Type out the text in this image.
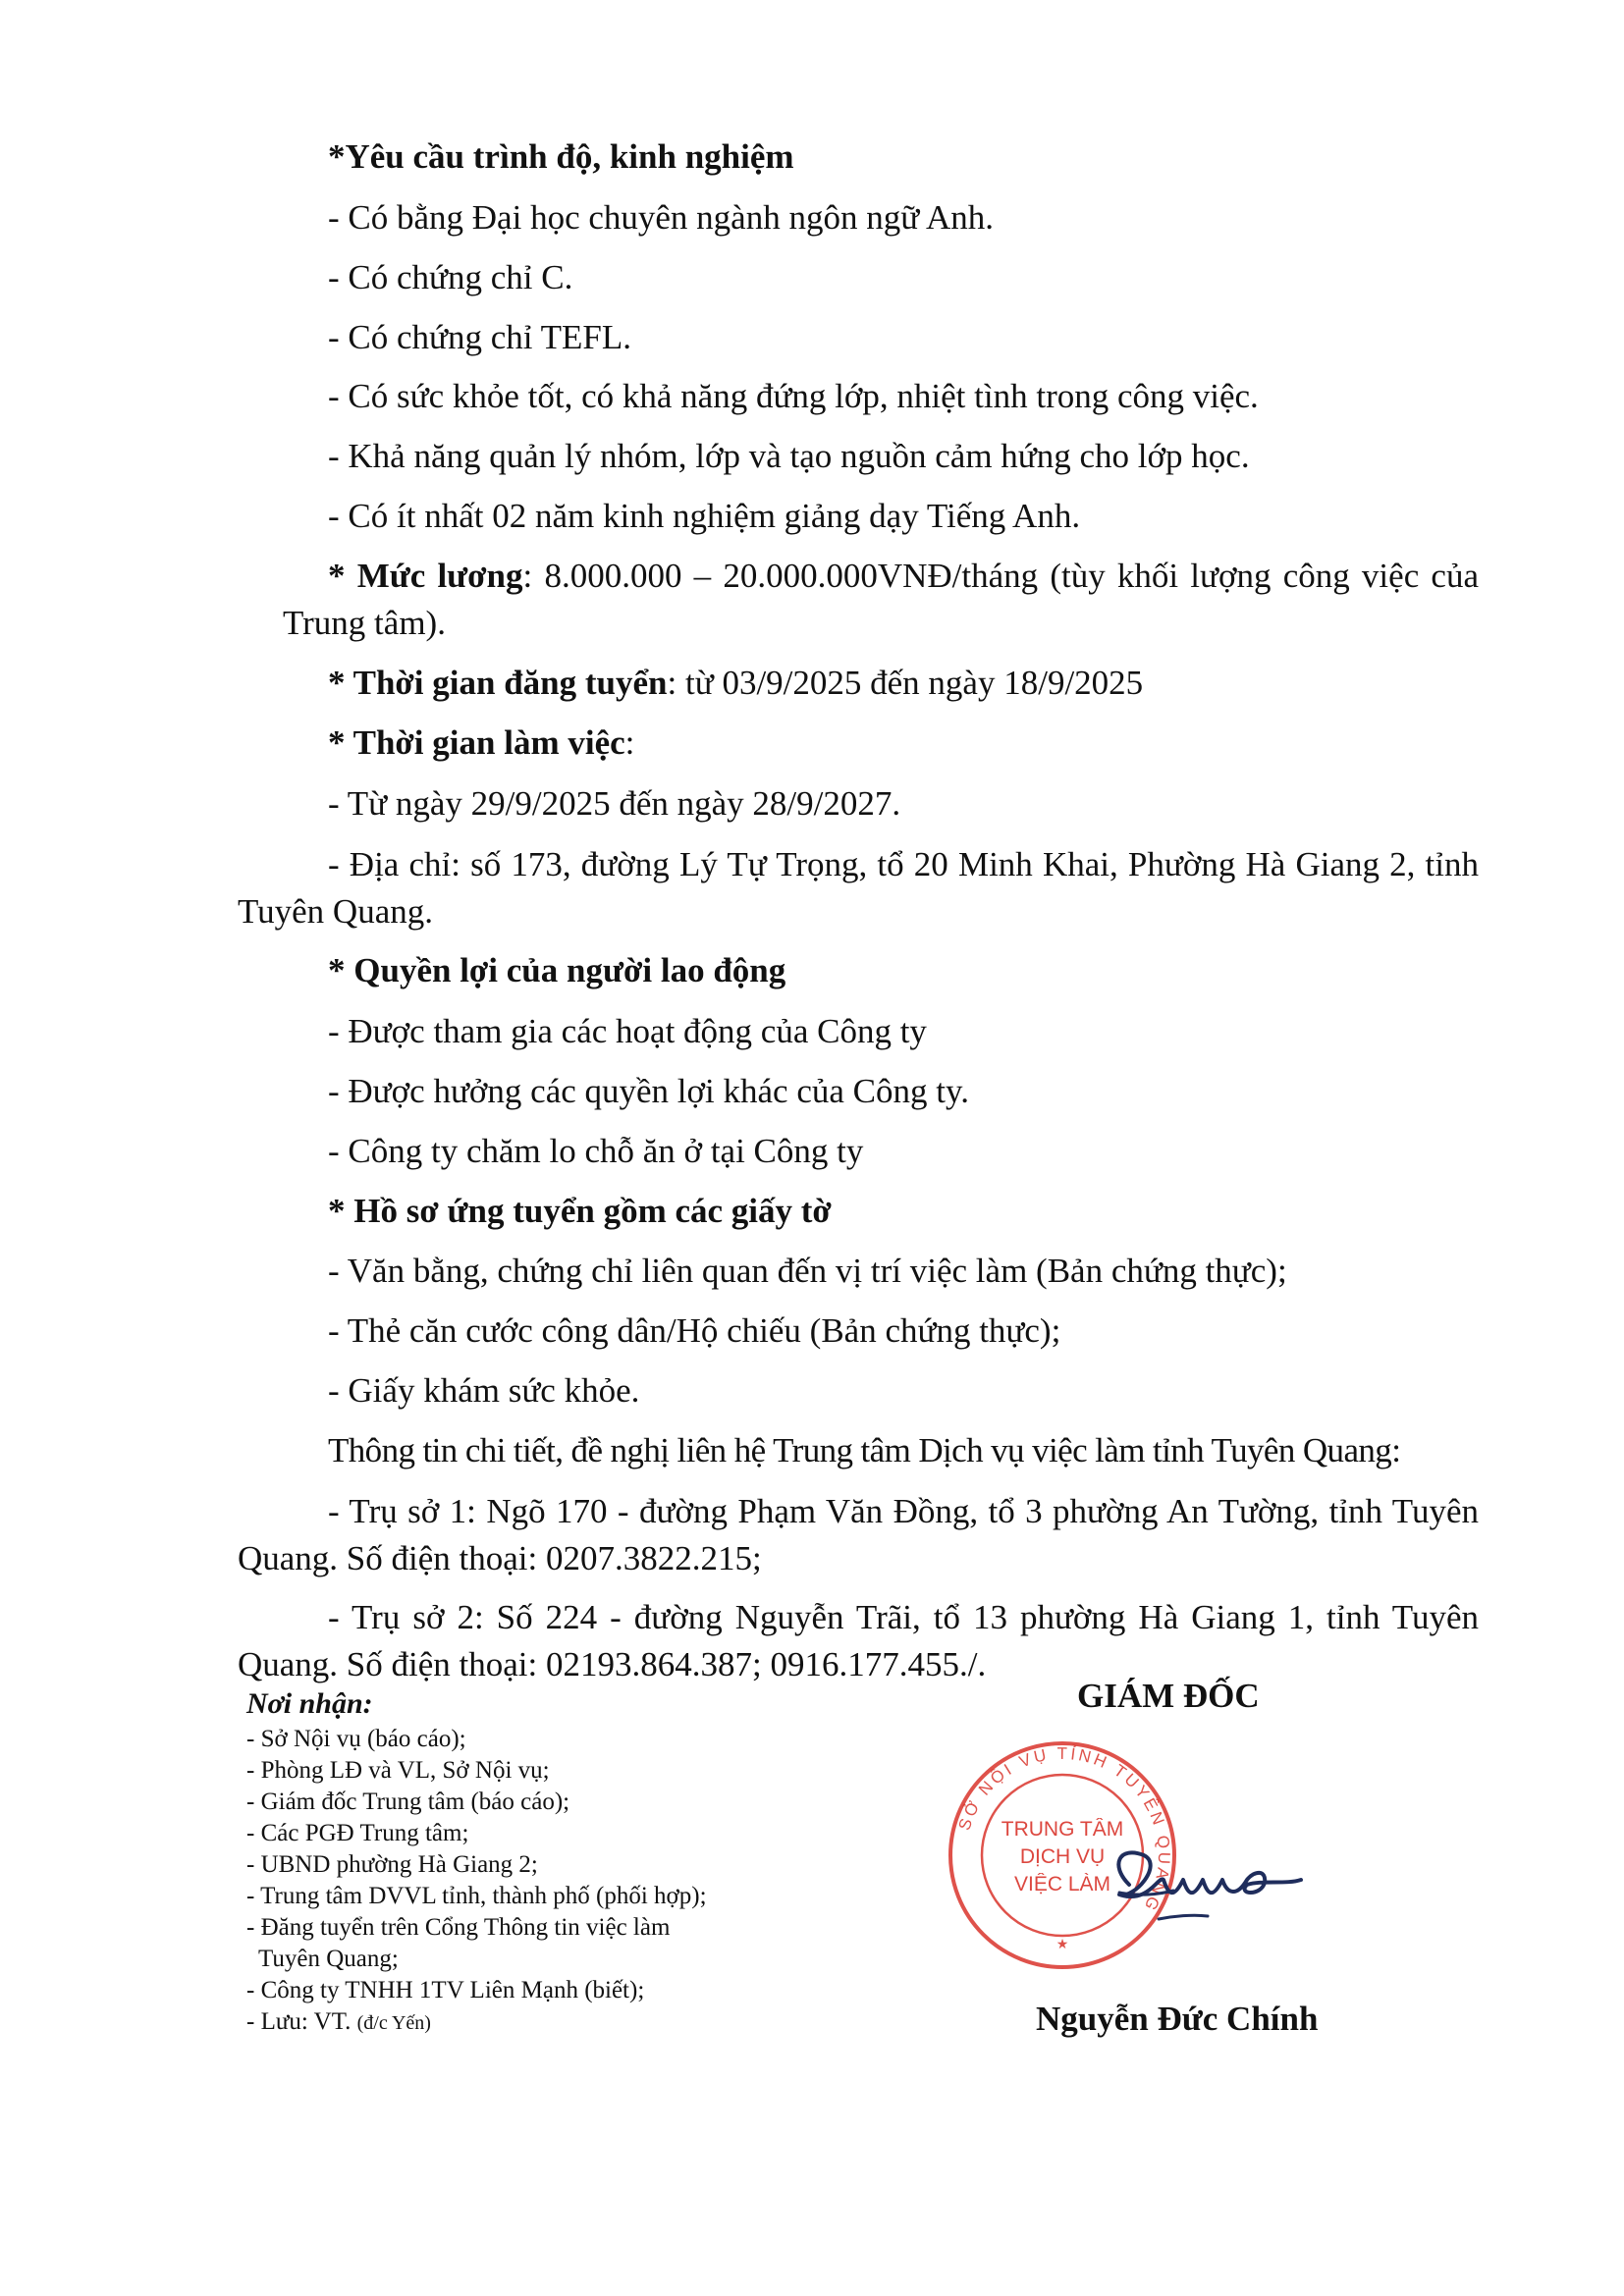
*Yêu cầu trình độ, kinh nghiệm
- Có bằng Đại học chuyên ngành ngôn ngữ Anh.
- Có chứng chỉ C.
- Có chứng chỉ TEFL.
- Có sức khỏe tốt, có khả năng đứng lớp, nhiệt tình trong công việc.
- Khả năng quản lý nhóm, lớp và tạo nguồn cảm hứng cho lớp học.
- Có ít nhất 02 năm kinh nghiệm giảng dạy Tiếng Anh.
* Mức lương: 8.000.000 – 20.000.000VNĐ/tháng (tùy khối lượng công việc của Trung tâm).
* Thời gian đăng tuyển: từ 03/9/2025 đến ngày 18/9/2025
* Thời gian làm việc:
- Từ ngày 29/9/2025 đến ngày 28/9/2027.
- Địa chỉ: số 173, đường Lý Tự Trọng, tổ 20 Minh Khai, Phường Hà Giang 2, tỉnh Tuyên Quang.
* Quyền lợi của người lao động
- Được tham gia các hoạt động của Công ty
- Được hưởng các quyền lợi khác của Công ty.
- Công ty chăm lo chỗ ăn ở tại Công ty
* Hồ sơ ứng tuyển gồm các giấy tờ
- Văn bằng, chứng chỉ liên quan đến vị trí việc làm (Bản chứng thực);
- Thẻ căn cước công dân/Hộ chiếu (Bản chứng thực);
- Giấy khám sức khỏe.
Thông tin chi tiết, đề nghị liên hệ Trung tâm Dịch vụ việc làm tỉnh Tuyên Quang:
- Trụ sở 1: Ngõ 170 - đường Phạm Văn Đồng, tổ 3 phường An Tường, tỉnh Tuyên Quang. Số điện thoại: 0207.3822.215;
- Trụ sở 2: Số 224 - đường Nguyễn Trãi, tổ 13 phường Hà Giang 1, tỉnh Tuyên Quang. Số điện thoại: 02193.864.387; 0916.177.455./.
Nơi nhận:
- Sở Nội vụ (báo cáo);
- Phòng LĐ và VL, Sở Nội vụ;
- Giám đốc Trung tâm (báo cáo);
- Các PGĐ Trung tâm;
- UBND phường Hà Giang 2;
- Trung tâm DVVL tỉnh, thành phố (phối hợp);
- Đăng tuyển trên Cổng Thông tin việc làm
Tuyên Quang;
- Công ty TNHH 1TV Liên Mạnh (biết);
- Lưu: VT. (đ/c Yến)
GIÁM ĐỐC
SỞ NỘI VỤ TỈNH TUYÊN QUANG
TRUNG TÂM
DỊCH VỤ
VIỆC LÀM
★
Nguyễn Đức Chính
